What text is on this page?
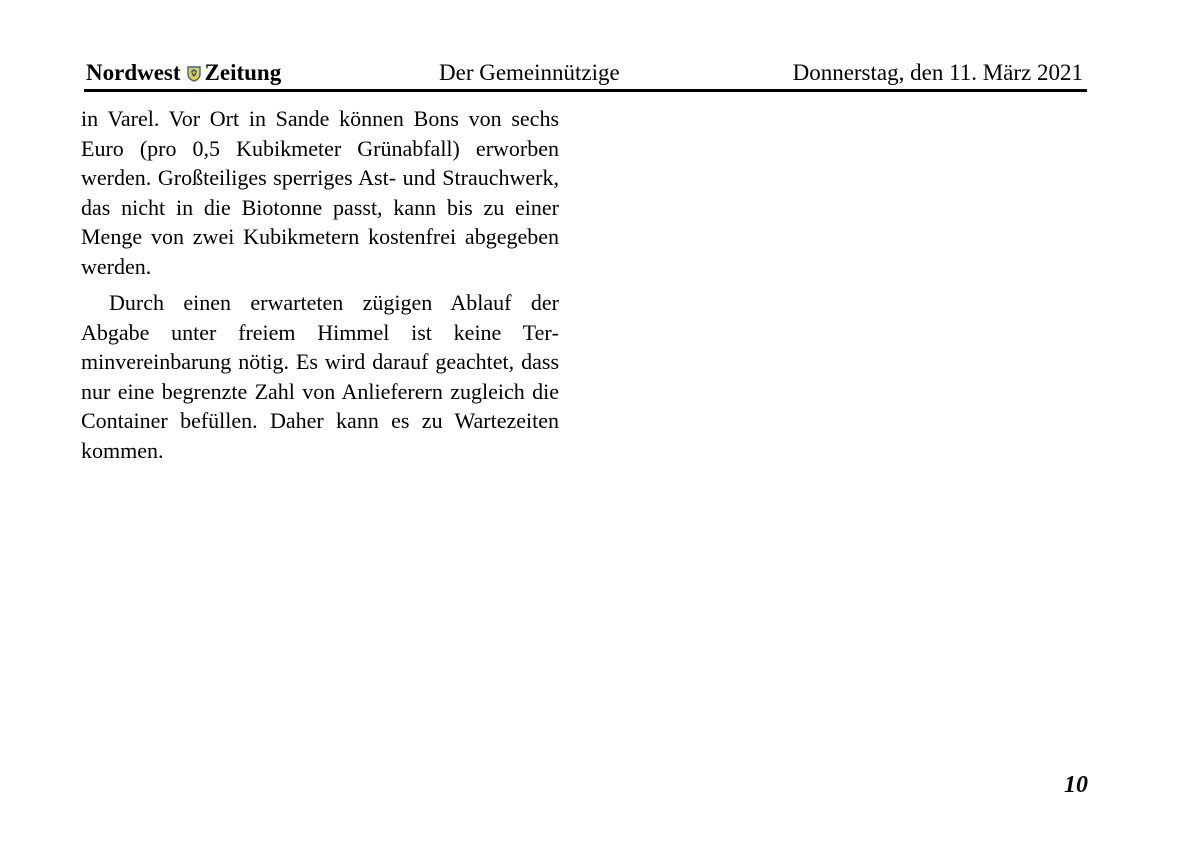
Nordwest Zeitung	Der Gemeinnützige	Donnerstag, den 11. März 2021

in Varel. Vor Ort in Sande können Bons von sechs Euro (pro 0,5 Kubikmeter Grünabfall) erworben werden. Großteiliges sperriges Ast- und Strauchwerk, das nicht in die Biotonne passt, kann bis zu einer Menge von zwei Kubikmetern kostenfrei abgegeben werden.

Durch einen erwarteten zügigen Ablauf der Abgabe unter freiem Himmel ist keine Terminvereinbarung nötig. Es wird darauf geachtet, dass nur eine begrenzte Zahl von Anlieferern zugleich die Container befüllen. Daher kann es zu Wartezeiten kommen.

10
